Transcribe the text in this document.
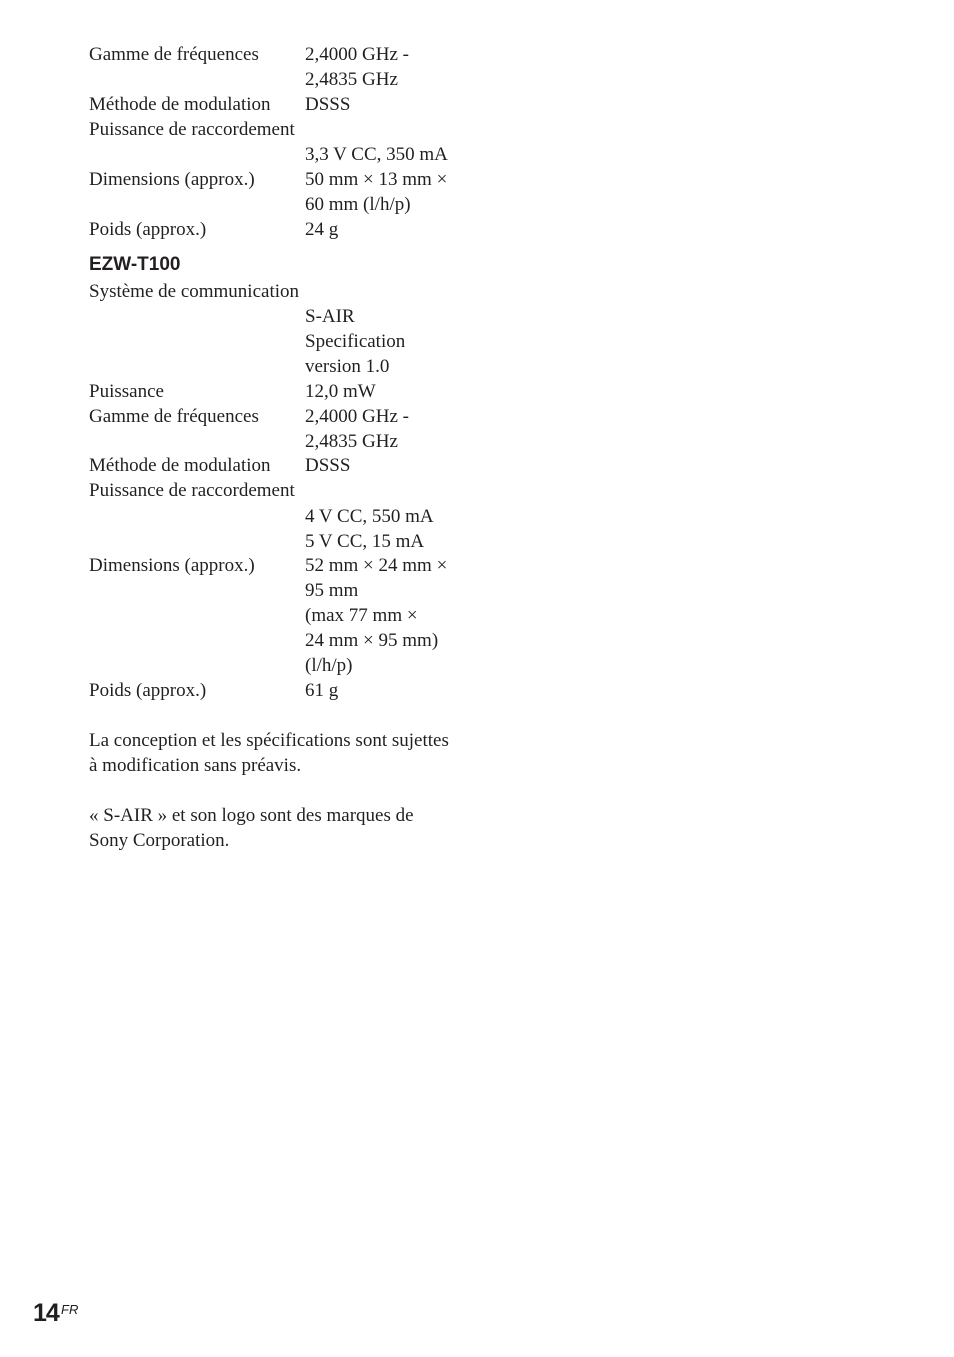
Gamme de fréquences 2,4000 GHz -
2,4835 GHz
Méthode de modulation DSSS
Puissance de raccordement
3,3 V CC, 350 mA
Dimensions (approx.)	50 mm × 13 mm ×
60 mm (l/h/p)
Poids (approx.)	24 g
EZW-T100
Système de communication
S-AIR
Specification
version 1.0
Puissance	12,0 mW
Gamme de fréquences 2,4000 GHz -
2,4835 GHz
Méthode de modulation DSSS
Puissance de raccordement
4 V CC, 550 mA
5 V CC, 15 mA
Dimensions (approx.)	52 mm × 24 mm ×
95 mm
(max 77 mm ×
24 mm × 95 mm)
(l/h/p)
Poids (approx.)	61 g
La conception et les spécifications sont sujettes
à modification sans préavis.
« S-AIR » et son logo sont des marques de
Sony Corporation.
14 FR
